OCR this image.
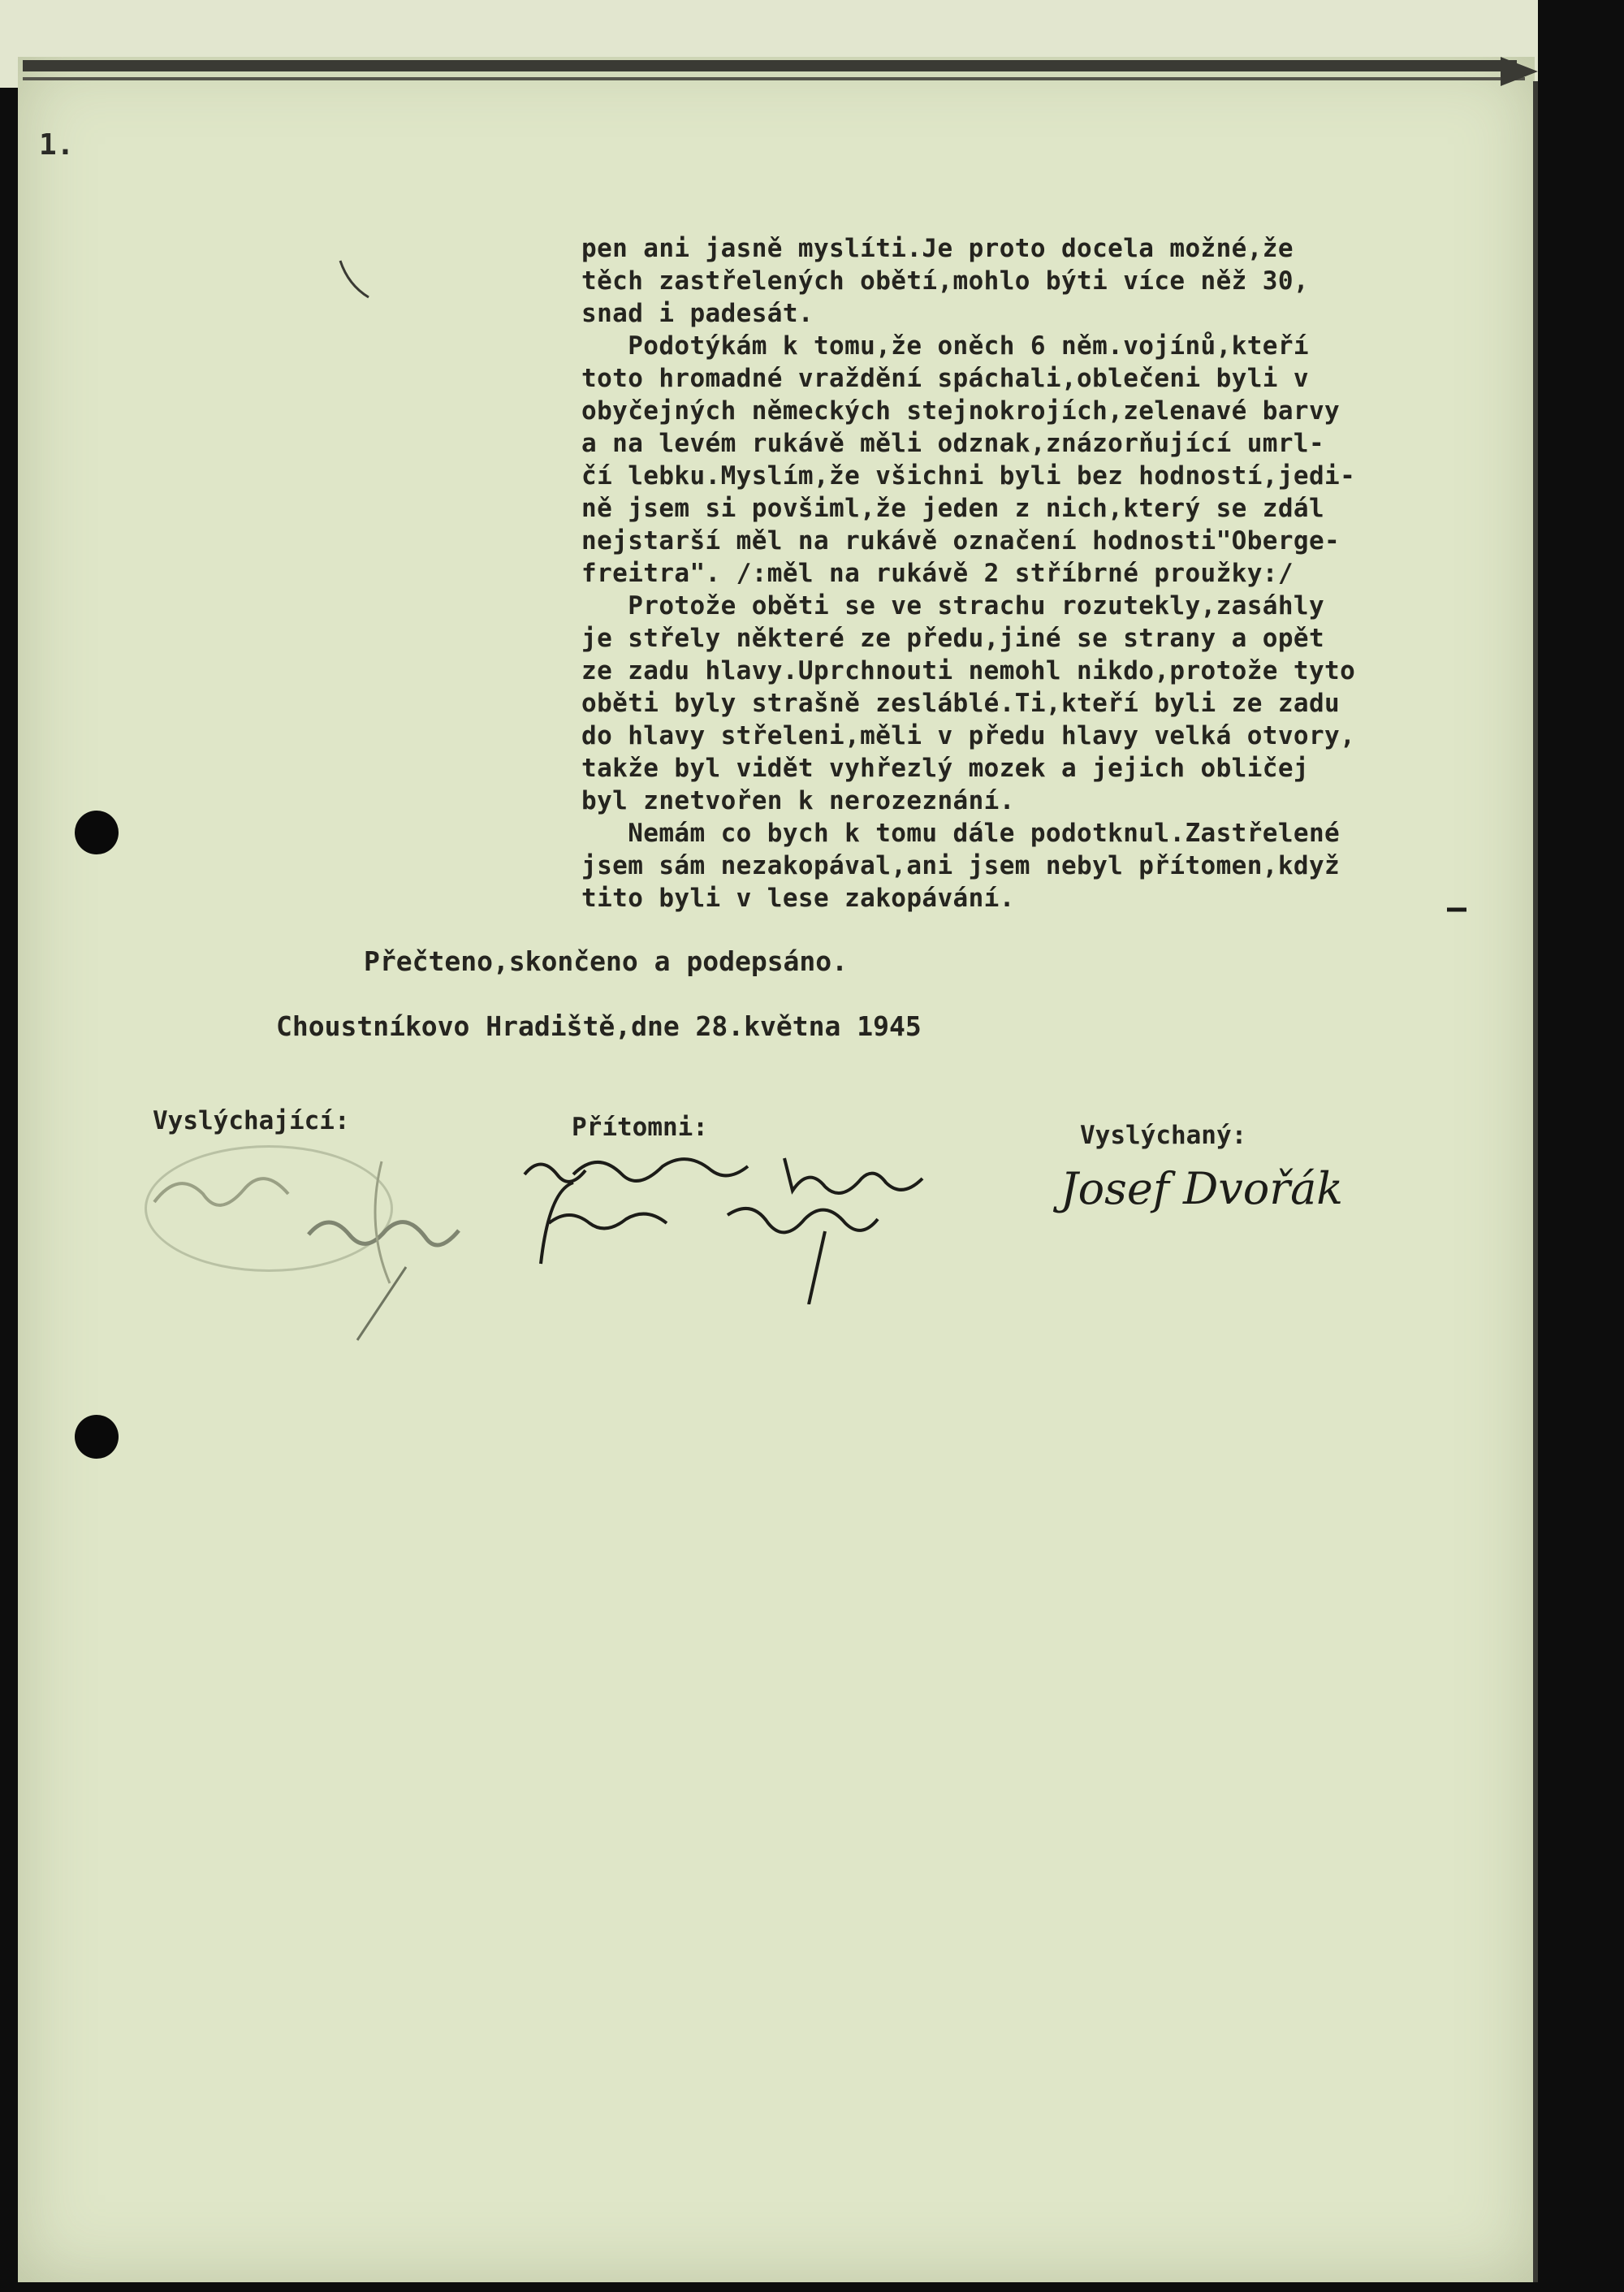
1.
pen ani jasně myslíti.Je proto docela možné,že
těch zastřelených obětí,mohlo býti více něž 30,
snad i padesát.
Podotýkám k tomu,že oněch 6 něm.vojínů,kteří
toto hromadné vraždění spáchali,oblečeni byli v
obyčejných německých stejnokrojích,zelenavé barvy
a na levém rukávě měli odznak,znázorňující umrl-
čí lebku.Myslím,že všichni byli bez hodností,jedi-
ně jsem si povšiml,že jeden z nich,který se zdál
nejstarší měl na rukávě označení hodnosti"Oberge-
freitra". /:měl na rukávě 2 stříbrné proužky:/
Protože oběti se ve strachu rozutekly,zasáhly
je střely některé ze předu,jiné se strany a opět
ze zadu hlavy.Uprchnouti nemohl nikdo,protože tyto
oběti byly strašně zesláblé.Ti,kteří byli ze zadu
do hlavy střeleni,měli v předu hlavy velká otvory,
takže byl vidět vyhřezlý mozek a jejich obličej
byl znetvořen k nerozeznání.
Nemám co bych k tomu dále podotknul.Zastřelené
jsem sám nezakopával,ani jsem nebyl přítomen,když
tito byli v lese zakopávání.
Přečteno,skončeno a podepsáno.
Choustníkovo Hradiště,dne 28.května 1945
Vyslýchající:	Přítomni:	Vyslýchaný:
Josef Dvořák
